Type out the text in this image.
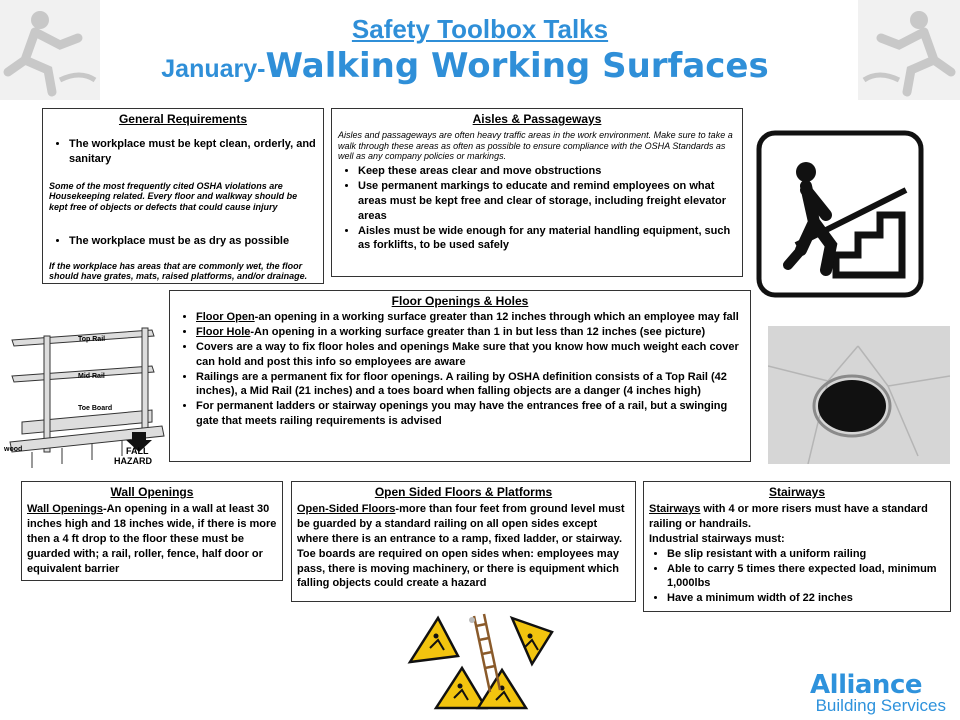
Safety Toolbox Talks
January-Walking Working Surfaces
General Requirements
• The workplace must be kept clean, orderly, and sanitary
Some of the most frequently cited OSHA violations are Housekeeping related. Every floor and walkway should be kept free of objects or defects that could cause injury
• The workplace must be as dry as possible
If the workplace has areas that are commonly wet, the floor should have grates, mats, raised platforms, and/or drainage.
Aisles & Passageways
Aisles and passageways are often heavy traffic areas in the work environment. Make sure to take a walk through these areas as often as possible to ensure compliance with the OSHA Standards as well as any company policies or markings.
• Keep these areas clear and move obstructions
• Use permanent markings to educate and remind employees on what areas must be kept free and clear of storage, including freight elevator areas
• Aisles must be wide enough for any material handling equipment, such as forklifts, to be used safely
Top Rail
Mid Rail
Toe Board
wood	FALL
HAZARD
Floor Openings & Holes
• Floor Open-an opening in a working surface greater than 12 inches through which an employee may fall
• Floor Hole-An opening in a working surface greater than 1 in but less than 12 inches (see picture)
• Covers are a way to fix floor holes and openings Make sure that you know how much weight each cover can hold and post this info so employees are aware
• Railings are a permanent fix for floor openings. A railing by OSHA definition consists of a Top Rail (42 inches), a Mid Rail (21 inches) and a toes board when falling objects are a danger (4 inches high)
• For permanent ladders or stairway openings you may have the entrances free of a rail, but a swinging gate that meets railing requirements is advised
Wall Openings
Wall Openings-An opening in a wall at least 30 inches high and 18 inches wide, if there is more then a 4 ft drop to the floor these must be guarded with; a rail, roller, fence, half door or equivalent barrier
Open Sided Floors & Platforms
Open-Sided Floors-more than four feet from ground level must be guarded by a standard railing on all open sides except where there is an entrance to a ramp, fixed ladder, or stairway. Toe boards are required on open sides when: employees may pass, there is moving machinery, or there is equipment which falling objects could create a hazard
Stairways
Stairways with 4 or more risers must have a standard railing or handrails.
Industrial stairways must:
• Be slip resistant with a uniform railing
• Able to carry 5 times there expected load, minimum 1,000lbs
• Have a minimum width of 22 inches
Alliance
Building Services
